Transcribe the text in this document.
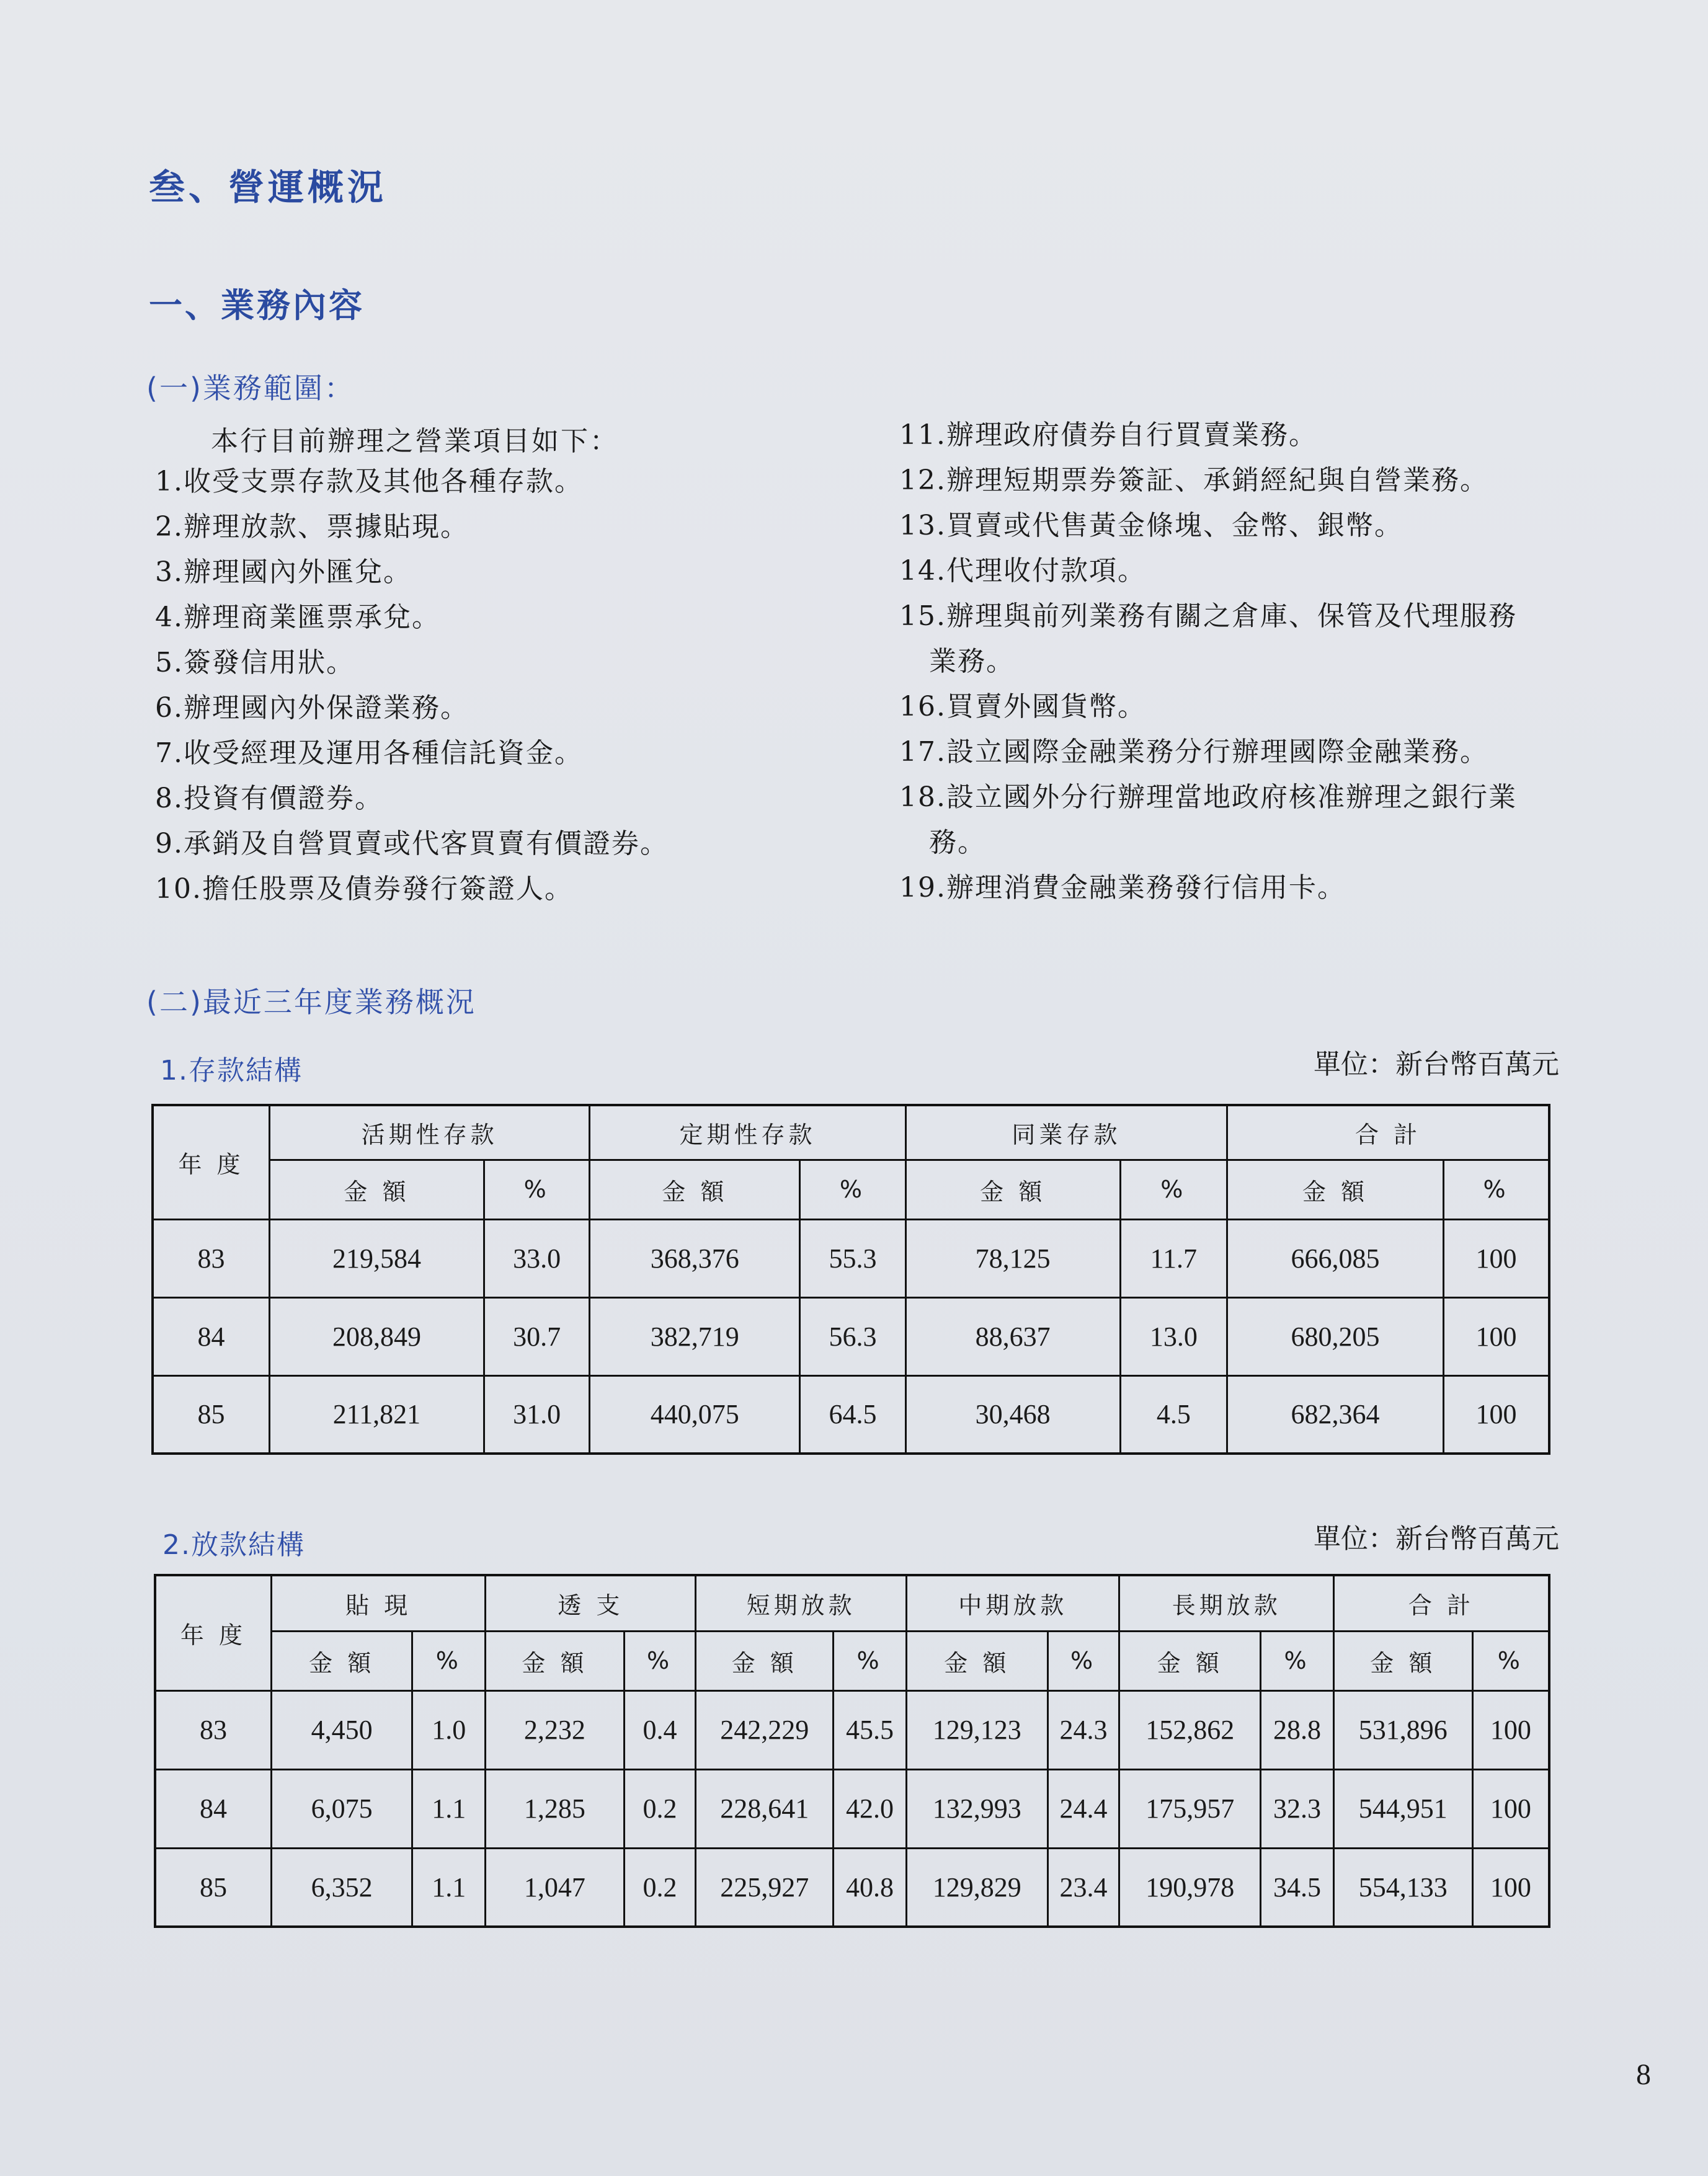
叁、營運概況
一、業務內容
(一)業務範圍：
本行目前辦理之營業項目如下：
1.收受支票存款及其他各種存款。
2.辦理放款、票據貼現。
3.辦理國內外匯兌。
4.辦理商業匯票承兌。
5.簽發信用狀。
6.辦理國內外保證業務。
7.收受經理及運用各種信託資金。
8.投資有價證券。
9.承銷及自營買賣或代客買賣有價證券。
10.擔任股票及債券發行簽證人。
11.辦理政府債券自行買賣業務。
12.辦理短期票券簽証、承銷經紀與自營業務。
13.買賣或代售黃金條塊、金幣、銀幣。
14.代理收付款項。
15.辦理與前列業務有關之倉庫、保管及代理服務
業務。
16.買賣外國貨幣。
17.設立國際金融業務分行辦理國際金融業務。
18.設立國外分行辦理當地政府核准辦理之銀行業
務。
19.辦理消費金融業務發行信用卡。
(二)最近三年度業務概況
1.存款結構	單位：新台幣百萬元
年 度	活期性存款		定期性存款		同業存款		合 計	
	金 額	%	金 額	%	金 額	%	金 額	%
83	219,584	33.0	368,376	55.3	78,125	11.7	666,085	100
84	208,849	30.7	382,719	56.3	88,637	13.0	680,205	100
85	211,821	31.0	440,075	64.5	30,468	4.5	682,364	100
2.放款結構	單位：新台幣百萬元
年 度	貼 現		透 支		短期放款		中期放款		長期放款		合 計	
	金 額	%	金 額	%	金 額	%	金 額	%	金 額	%	金 額	%
83	4,450	1.0	2,232	0.4	242,229	45.5	129,123	24.3	152,862	28.8	531,896	100
84	6,075	1.1	1,285	0.2	228,641	42.0	132,993	24.4	175,957	32.3	544,951	100
85	6,352	1.1	1,047	0.2	225,927	40.8	129,829	23.4	190,978	34.5	554,133	100
8
